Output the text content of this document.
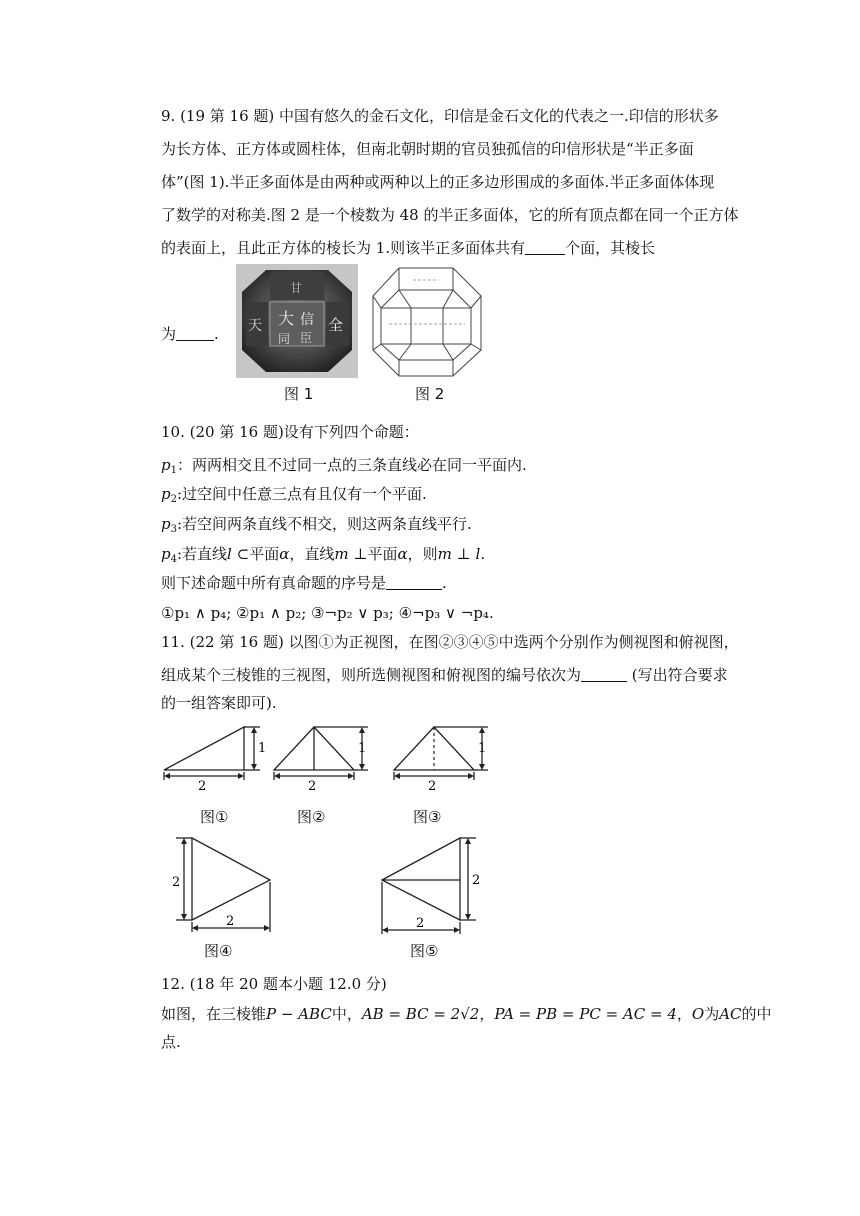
9. (19 第 16 题) 中国有悠久的金石文化，印信是金石文化的代表之一.印信的形状多
为长方体、正方体或圆柱体，但南北朝时期的官员独孤信的印信形状是“半正多面
体”(图 1).半正多面体是由两种或两种以上的正多边形围成的多面体.半正多面体体现
了数学的对称美.图 2 是一个棱数为 48 的半正多面体，它的所有顶点都在同一个正方体
的表面上，且此正方体的棱长为 1.则该半正多面体共有	个面，其棱长
为	.
大 信
臣
同
甘
全
天
图 1	图 2
10. (20 第 16 题)设有下列四个命题：
$p_1$：两两相交且不过同一点的三条直线必在同一平面内.
$p_2$:过空间中任意三点有且仅有一个平面.
$p_3$:若空间两条直线不相交，则这两条直线平行.
$p_4$:若直线l ⊂平面α，直线m ⊥平面α，则m ⊥ l.
则下述命题中所有真命题的序号是	.
①p₁ ∧ p₄; ②p₁ ∧ p₂; ③¬p₂ ∨ p₃; ④¬p₃ ∨ ¬p₄.
11. (22 第 16 题) 以图①为正视图，在图②③④⑤中选两个分别作为侧视图和俯视图，
组成某个三棱锥的三视图，则所选侧视图和俯视图的编号依次为	(写出符合要求
的一组答案即可).
1
2
图①
1
2
图②
1
2
图③
2
2
图④
2
2
图⑤
12. (18 年 20 题本小题 12.0 分)
如图，在三棱锥P − ABC中，AB = BC = 2√2，PA = PB = PC = AC = 4，O为AC的中
点.
